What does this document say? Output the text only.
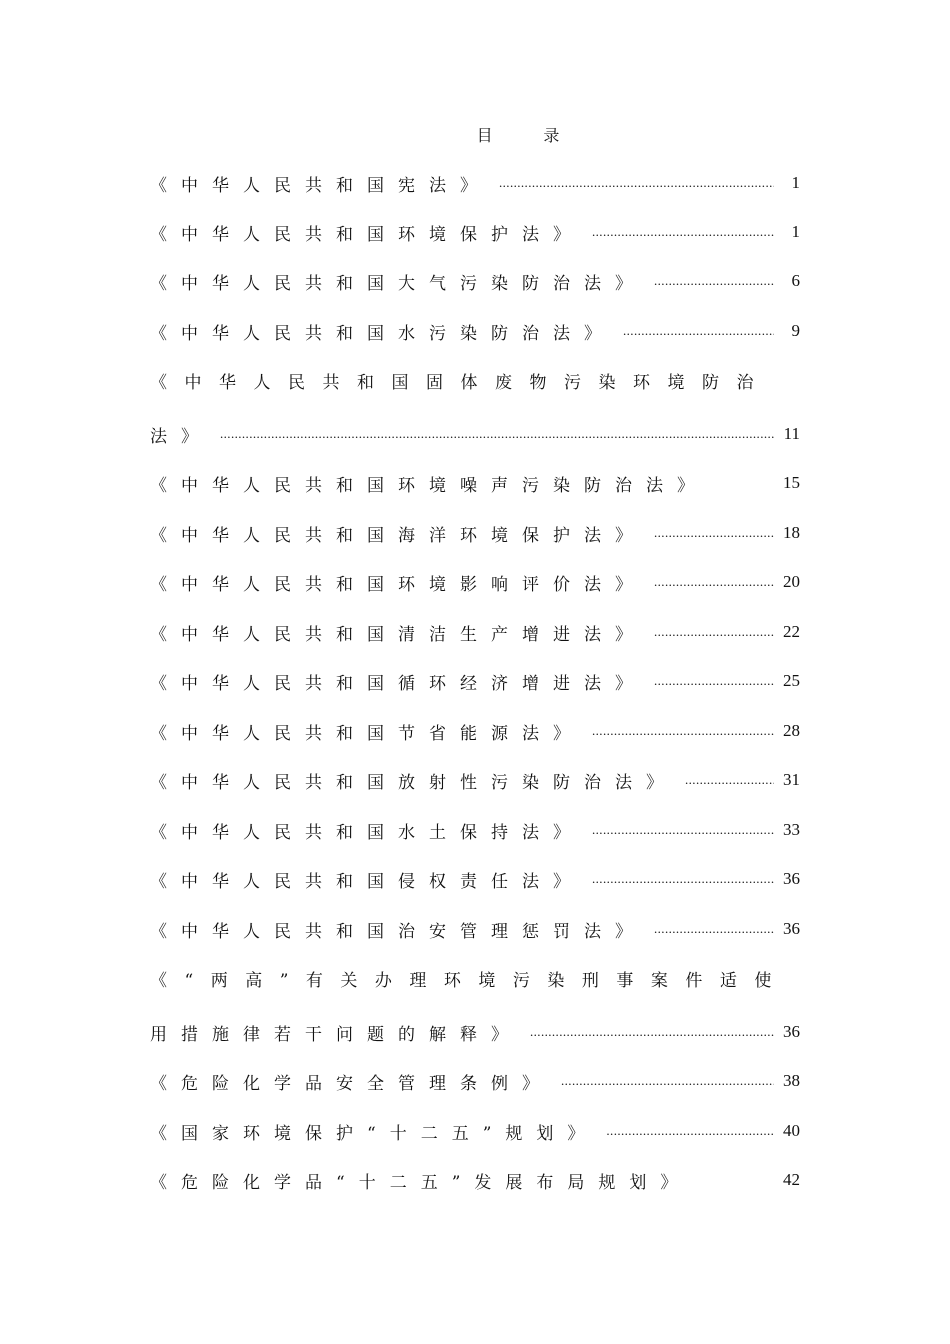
目          录
《中华人民共和国宪法》 .....	1
《中华人民共和国环境保护法》 .....	1
《中华人民共和国大气污染防治法》 .....	6
《中华人民共和国水污染防治法》 .....	9
《中华人民共和国固体废物污染环境防治
法》 .....	11
《中华人民共和国环境噪声污染防治法》	15
《中华人民共和国海洋环境保护法》 .....	18
《中华人民共和国环境影响评价法》 .....	20
《中华人民共和国清洁生产增进法》 .....	22
《中华人民共和国循环经济增进法》 .....	25
《中华人民共和国节省能源法》 .....	28
《中华人民共和国放射性污染防治法》 .....	31
《中华人民共和国水土保持法》 .....	33
《中华人民共和国侵权责任法》 .....	36
《中华人民共和国治安管理惩罚法》 .....	36
《“两高”有关办理环境污染刑事案件适使
用措施律若干问题的解释》 .....	36
《危险化学品安全管理条例》 .....	38
《国家环境保护“十二五”规划》 .....	40
《危险化学品“十二五”发展布局规划》	42
